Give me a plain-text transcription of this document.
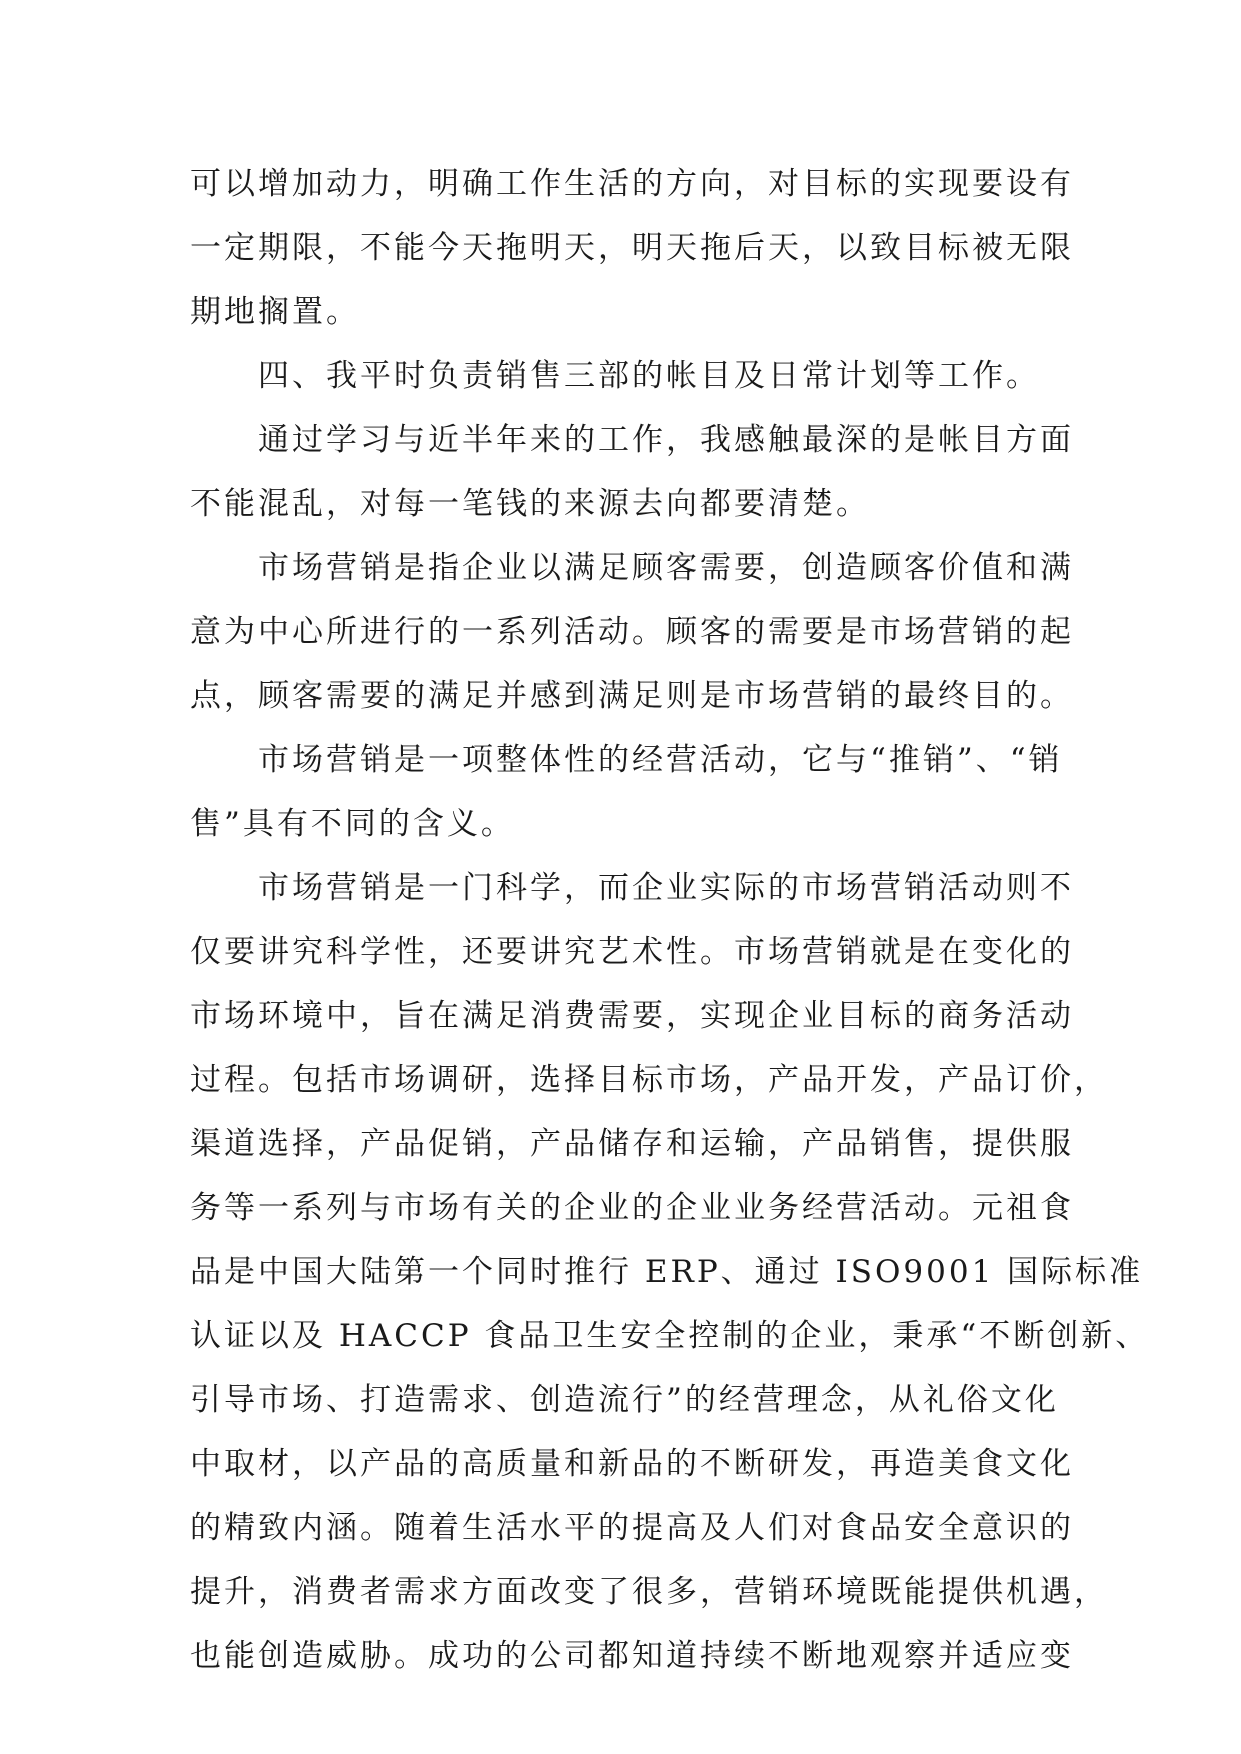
可以增加动力，明确工作生活的方向，对目标的实现要设有
一定期限，不能今天拖明天，明天拖后天，以致目标被无限
期地搁置。
四、我平时负责销售三部的帐目及日常计划等工作。
通过学习与近半年来的工作，我感触最深的是帐目方面
不能混乱，对每一笔钱的来源去向都要清楚。
市场营销是指企业以满足顾客需要，创造顾客价值和满
意为中心所进行的一系列活动。顾客的需要是市场营销的起
点，顾客需要的满足并感到满足则是市场营销的最终目的。
市场营销是一项整体性的经营活动，它与“推销”、“销
售”具有不同的含义。
市场营销是一门科学，而企业实际的市场营销活动则不
仅要讲究科学性，还要讲究艺术性。市场营销就是在变化的
市场环境中，旨在满足消费需要，实现企业目标的商务活动
过程。包括市场调研，选择目标市场，产品开发，产品订价，
渠道选择，产品促销，产品储存和运输，产品销售，提供服
务等一系列与市场有关的企业的企业业务经营活动。元祖食
品是中国大陆第一个同时推行 ERP、通过 ISO9001 国际标准
认证以及 HACCP 食品卫生安全控制的企业，秉承“不断创新、
引导市场、打造需求、创造流行”的经营理念，从礼俗文化
中取材，以产品的高质量和新品的不断研发，再造美食文化
的精致内涵。随着生活水平的提高及人们对食品安全意识的
提升，消费者需求方面改变了很多，营销环境既能提供机遇，
也能创造威胁。成功的公司都知道持续不断地观察并适应变
